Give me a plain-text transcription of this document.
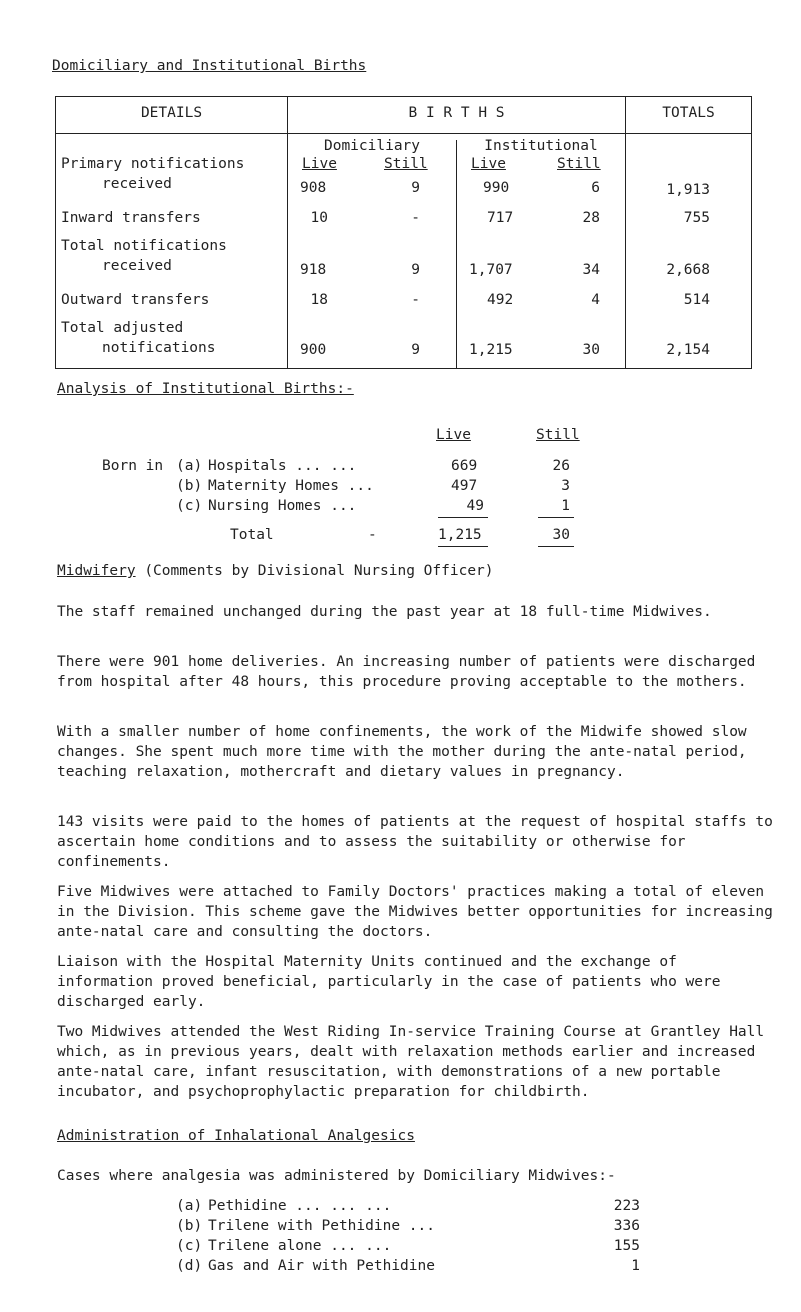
Domiciliary and Institutional Births
DETAILS	B I R T H S	TOTALS
Domiciliary	Institutional
Live	Still	Live	Still
Primary notifications
received	908	9	990	6	1,913
Inward transfers	10	-	717	28	755
Total notifications
received	918	9	1,707	34	2,668
Outward transfers	18	-	492	4	514
Total adjusted
notifications	900	9	1,215	30	2,154
Analysis of Institutional Births:-
Live	Still
Born in (a) Hospitals ... ...	669	26
(b) Maternity Homes ...	497	3
(c) Nursing Homes ...	49	1
Total	-	1,215	30
Midwifery (Comments by Divisional Nursing Officer)
The staff remained unchanged during the past year at 18 full-time Midwives.
There were 901 home deliveries. An increasing number of patients were discharged from hospital after 48 hours, this procedure proving acceptable to the mothers.
With a smaller number of home confinements, the work of the Midwife showed slow changes. She spent much more time with the mother during the ante-natal period, teaching relaxation, mothercraft and dietary values in pregnancy.
143 visits were paid to the homes of patients at the request of hospital staffs to ascertain home conditions and to assess the suitability or otherwise for confinements.
Five Midwives were attached to Family Doctors' practices making a total of eleven in the Division. This scheme gave the Midwives better opportunities for increasing ante-natal care and consulting the doctors.
Liaison with the Hospital Maternity Units continued and the exchange of information proved beneficial, particularly in the case of patients who were discharged early.
Two Midwives attended the West Riding In-service Training Course at Grantley Hall which, as in previous years, dealt with relaxation methods earlier and increased ante-natal care, infant resuscitation, with demonstrations of a new portable incubator, and psychoprophylactic preparation for childbirth.
Administration of Inhalational Analgesics
Cases where analgesia was administered by Domiciliary Midwives:-
(a) Pethidine ... ... ...	223
(b) Trilene with Pethidine ...	336
(c) Trilene alone ... ...	155
(d) Gas and Air with Pethidine	1
